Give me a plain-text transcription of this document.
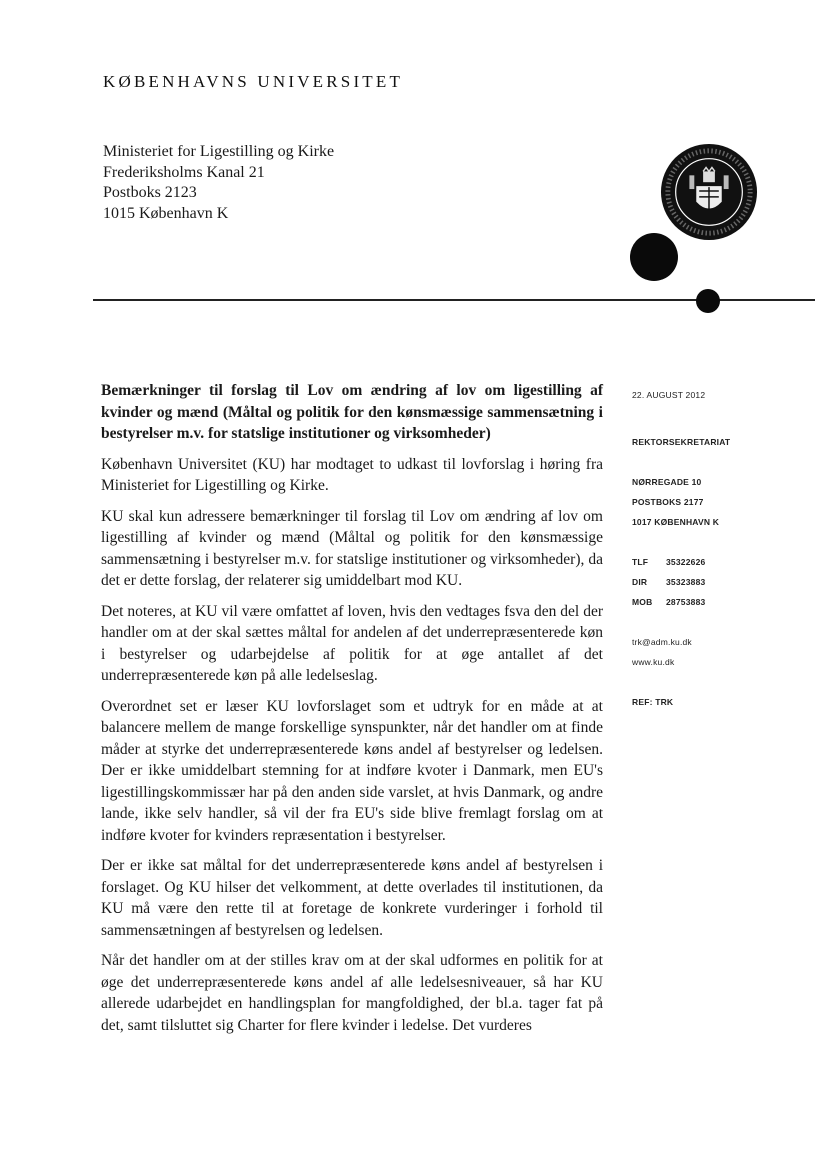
KØBENHAVNS UNIVERSITET
Ministeriet for Ligestilling og Kirke
Frederiksholms Kanal 21
Postboks 2123
1015 København K

Bemærkninger til forslag til Lov om ændring af lov om ligestilling af kvinder og mænd (Måltal og politik for den kønsmæssige sammensætning i bestyrelser m.v. for statslige institutioner og virksomheder)

København Universitet (KU) har modtaget to udkast til lovforslag i høring fra Ministeriet for Ligestilling og Kirke.

KU skal kun adressere bemærkninger til forslag til Lov om ændring af lov om ligestilling af kvinder og mænd (Måltal og politik for den kønsmæssige sammensætning i bestyrelser m.v. for statslige institutioner og virksomheder), da det er dette forslag, der relaterer sig umiddelbart mod KU.

Det noteres, at KU vil være omfattet af loven, hvis den vedtages fsva den del der handler om at der skal sættes måltal for andelen af det underrepræsenterede køn i bestyrelser og udarbejdelse af politik for at øge antallet af det underrepræsenterede køn på alle ledelseslag.

Overordnet set er læser KU lovforslaget som et udtryk for en måde at at balancere mellem de mange forskellige synspunkter, når det handler om at finde måder at styrke det underrepræsenterede køns andel af bestyrelser og ledelsen. Der er ikke umiddelbart stemning for at indføre kvoter i Danmark, men EU's ligestillingskommissær har på den anden side varslet, at hvis Danmark, og andre lande, ikke selv handler, så vil der fra EU's side blive fremlagt forslag om at indføre kvoter for kvinders repræsentation i bestyrelser.

Der er ikke sat måltal for det underrepræsenterede køns andel af bestyrelsen i forslaget. Og KU hilser det velkomment, at dette overlades til institutionen, da KU må være den rette til at foretage de konkrete vurderinger i forhold til sammensætningen af bestyrelsen og ledelsen.

Når det handler om at der stilles krav om at der skal udformes en politik for at øge det underrepræsenterede køns andel af alle ledelsesniveauer, så har KU allerede udarbejdet en handlingsplan for mangfoldighed, der bl.a. tager fat på det, samt tilsluttet sig Charter for flere kvinder i ledelse. Det vurderes

22. AUGUST 2012
REKTORSEKRETARIAT
NØRREGADE 10
POSTBOKS 2177
1017 KØBENHAVN K
TLF	35322626
DIR	35323883
MOB	28753883
trk@adm.ku.dk
www.ku.dk
REF: TRK
